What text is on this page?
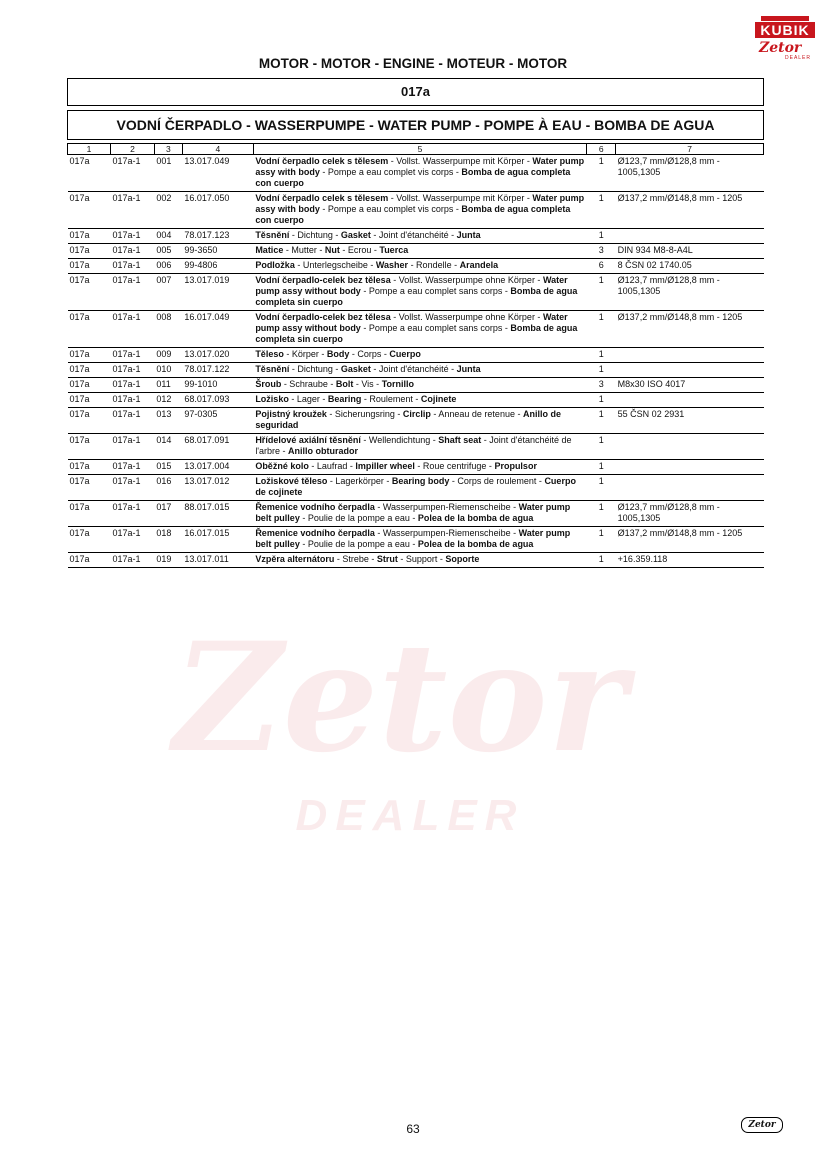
KUBIK
Zetor
DEALER
MOTOR - MOTOR - ENGINE - MOTEUR - MOTOR
017a
VODNÍ ČERPADLO - WASSERPUMPE - WATER PUMP - POMPE À EAU - BOMBA DE AGUA
Zetor
DEALER
1	2	3	4	5	6	7
017a	017a-1	001	13.017.049	Vodní čerpadlo celek s tělesem - Vollst. Wasserpumpe mit Körper - Water pump assy with body - Pompe a eau complet vis corps - Bomba de agua completa con cuerpo	1	Ø123,7 mm/Ø128,8 mm - 1005,1305
017a	017a-1	002	16.017.050	Vodní čerpadlo celek s tělesem - Vollst. Wasserpumpe mit Körper - Water pump assy with body - Pompe a eau complet vis corps - Bomba de agua completa con cuerpo	1	Ø137,2 mm/Ø148,8 mm - 1205
017a	017a-1	004	78.017.123	Těsnění - Dichtung - Gasket - Joint d'étanchéité - Junta	1	
017a	017a-1	005	99-3650	Matice - Mutter - Nut - Ecrou - Tuerca	3	DIN 934 M8-8-A4L
017a	017a-1	006	99-4806	Podložka - Unterlegscheibe - Washer - Rondelle - Arandela	6	8 ČSN 02 1740.05
017a	017a-1	007	13.017.019	Vodní čerpadlo-celek bez tělesa - Vollst. Wasserpumpe ohne Körper - Water pump assy without body - Pompe a eau complet sans corps - Bomba de agua completa sin cuerpo	1	Ø123,7 mm/Ø128,8 mm - 1005,1305
017a	017a-1	008	16.017.049	Vodní čerpadlo-celek bez tělesa - Vollst. Wasserpumpe ohne Körper - Water pump assy without body - Pompe a eau complet sans corps - Bomba de agua completa sin cuerpo	1	Ø137,2 mm/Ø148,8 mm - 1205
017a	017a-1	009	13.017.020	Těleso - Körper - Body - Corps - Cuerpo	1	
017a	017a-1	010	78.017.122	Těsnění - Dichtung - Gasket - Joint d'étanchéité - Junta	1	
017a	017a-1	011	99-1010	Šroub - Schraube - Bolt - Vis - Tornillo	3	M8x30 ISO 4017
017a	017a-1	012	68.017.093	Ložisko - Lager - Bearing - Roulement - Cojinete	1	
017a	017a-1	013	97-0305	Pojistný kroužek - Sicherungsring - Circlip - Anneau de retenue - Anillo de seguridad	1	55 ČSN 02 2931
017a	017a-1	014	68.017.091	Hřídelové axiální těsnění - Wellendichtung - Shaft seat - Joint d'étanchéité de l'arbre - Anillo obturador	1	
017a	017a-1	015	13.017.004	Oběžné kolo - Laufrad - Impiller wheel - Roue centrifuge - Propulsor	1	
017a	017a-1	016	13.017.012	Ložiskové těleso - Lagerkörper - Bearing body - Corps de roulement - Cuerpo de cojinete	1	
017a	017a-1	017	88.017.015	Řemenice vodního čerpadla - Wasserpumpen-Riemenscheibe - Water pump belt pulley - Poulie de la pompe a eau - Polea de la bomba de agua	1	Ø123,7 mm/Ø128,8 mm - 1005,1305
017a	017a-1	018	16.017.015	Řemenice vodního čerpadla - Wasserpumpen-Riemenscheibe - Water pump belt pulley - Poulie de la pompe a eau - Polea de la bomba de agua	1	Ø137,2 mm/Ø148,8 mm - 1205
017a	017a-1	019	13.017.011	Vzpěra alternátoru - Strebe - Strut - Support - Soporte	1	+16.359.118
63	Zetor
